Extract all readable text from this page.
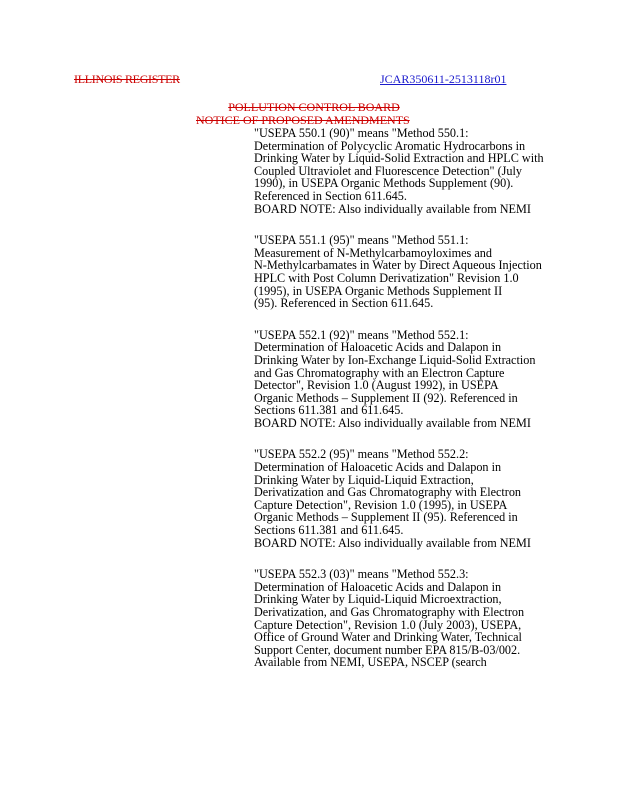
ILLINOIS REGISTER	JCAR350611-2513118r01
POLLUTION CONTROL BOARD
NOTICE OF PROPOSED AMENDMENTS
"USEPA 550.1 (90)" means "Method 550.1:
Determination of Polycyclic Aromatic Hydrocarbons in
Drinking Water by Liquid-Solid Extraction and HPLC with
Coupled Ultraviolet and Fluorescence Detection" (July
1990), in USEPA Organic Methods Supplement (90).
Referenced in Section 611.645.
BOARD NOTE: Also individually available from NEMI
"USEPA 551.1 (95)" means "Method 551.1:
Measurement of N-Methylcarbamoyloximes and
N-Methylcarbamates in Water by Direct Aqueous Injection
HPLC with Post Column Derivatization" Revision 1.0
(1995), in USEPA Organic Methods Supplement II
(95). Referenced in Section 611.645.
"USEPA 552.1 (92)" means "Method 552.1:
Determination of Haloacetic Acids and Dalapon in
Drinking Water by Ion-Exchange Liquid-Solid Extraction
and Gas Chromatography with an Electron Capture
Detector", Revision 1.0 (August 1992), in USEPA
Organic Methods – Supplement II (92). Referenced in
Sections 611.381 and 611.645.
BOARD NOTE: Also individually available from NEMI
"USEPA 552.2 (95)" means "Method 552.2:
Determination of Haloacetic Acids and Dalapon in
Drinking Water by Liquid-Liquid Extraction,
Derivatization and Gas Chromatography with Electron
Capture Detection", Revision 1.0 (1995), in USEPA
Organic Methods – Supplement II (95). Referenced in
Sections 611.381 and 611.645.
BOARD NOTE: Also individually available from NEMI
"USEPA 552.3 (03)" means "Method 552.3:
Determination of Haloacetic Acids and Dalapon in
Drinking Water by Liquid-Liquid Microextraction,
Derivatization, and Gas Chromatography with Electron
Capture Detection", Revision 1.0 (July 2003), USEPA,
Office of Ground Water and Drinking Water, Technical
Support Center, document number EPA 815/B-03/002.
Available from NEMI, USEPA, NSCEP (search
